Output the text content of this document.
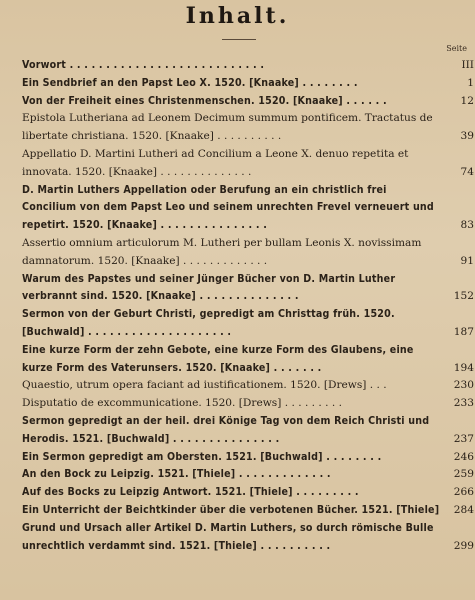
Inhalt.
Seite
Vorwort . . . . . . . . . . . . . . . . . . . . . . . . . . .	III
Ein Sendbrief an den Papst Leo X. 1520. [Knaake] . . . . . . . .	1
Von der Freiheit eines Christenmenschen. 1520. [Knaake] . . . . . .	12
Epistola Lutheriana ad Leonem Decimum summum pontificem. Tractatus de libertate christiana. 1520. [Knaake] . . . . . . . . . .	39
Appellatio D. Martini Lutheri ad Concilium a Leone X. denuo repetita et innovata. 1520. [Knaake] . . . . . . . . . . . . . .	74
D. Martin Luthers Appellation oder Berufung an ein christlich frei Concilium von dem Papst Leo und seinem unrechten Frevel verneuert und repetirt. 1520. [Knaake] . . . . . . . . . . . . . . .	83
Assertio omnium articulorum M. Lutheri per bullam Leonis X. novissimam damnatorum. 1520. [Knaake] . . . . . . . . . . . . .	91
Warum des Papstes und seiner Jünger Bücher von D. Martin Luther verbrannt sind. 1520. [Knaake] . . . . . . . . . . . . . .	152
Sermon von der Geburt Christi, gepredigt am Christtag früh. 1520. [Buchwald] . . . . . . . . . . . . . . . . . . . .	187
Eine kurze Form der zehn Gebote, eine kurze Form des Glaubens, eine kurze Form des Vaterunsers. 1520. [Knaake] . . . . . . .	194
Quaestio, utrum opera faciant ad iustificationem. 1520. [Drews] . . .	230
Disputatio de excommunicatione. 1520. [Drews] . . . . . . . . .	233
Sermon gepredigt an der heil. drei Könige Tag von dem Reich Christi und Herodis. 1521. [Buchwald] . . . . . . . . . . . . . . .	237
Ein Sermon gepredigt am Obersten. 1521. [Buchwald] . . . . . . . .	246
An den Bock zu Leipzig. 1521. [Thiele] . . . . . . . . . . . . .	259
Auf des Bocks zu Leipzig Antwort. 1521. [Thiele] . . . . . . . . .	266
Ein Unterricht der Beichtkinder über die verbotenen Bücher. 1521. [Thiele]	284
Grund und Ursach aller Artikel D. Martin Luthers, so durch römische Bulle unrechtlich verdammt sind. 1521. [Thiele] . . . . . . . . . .	299
